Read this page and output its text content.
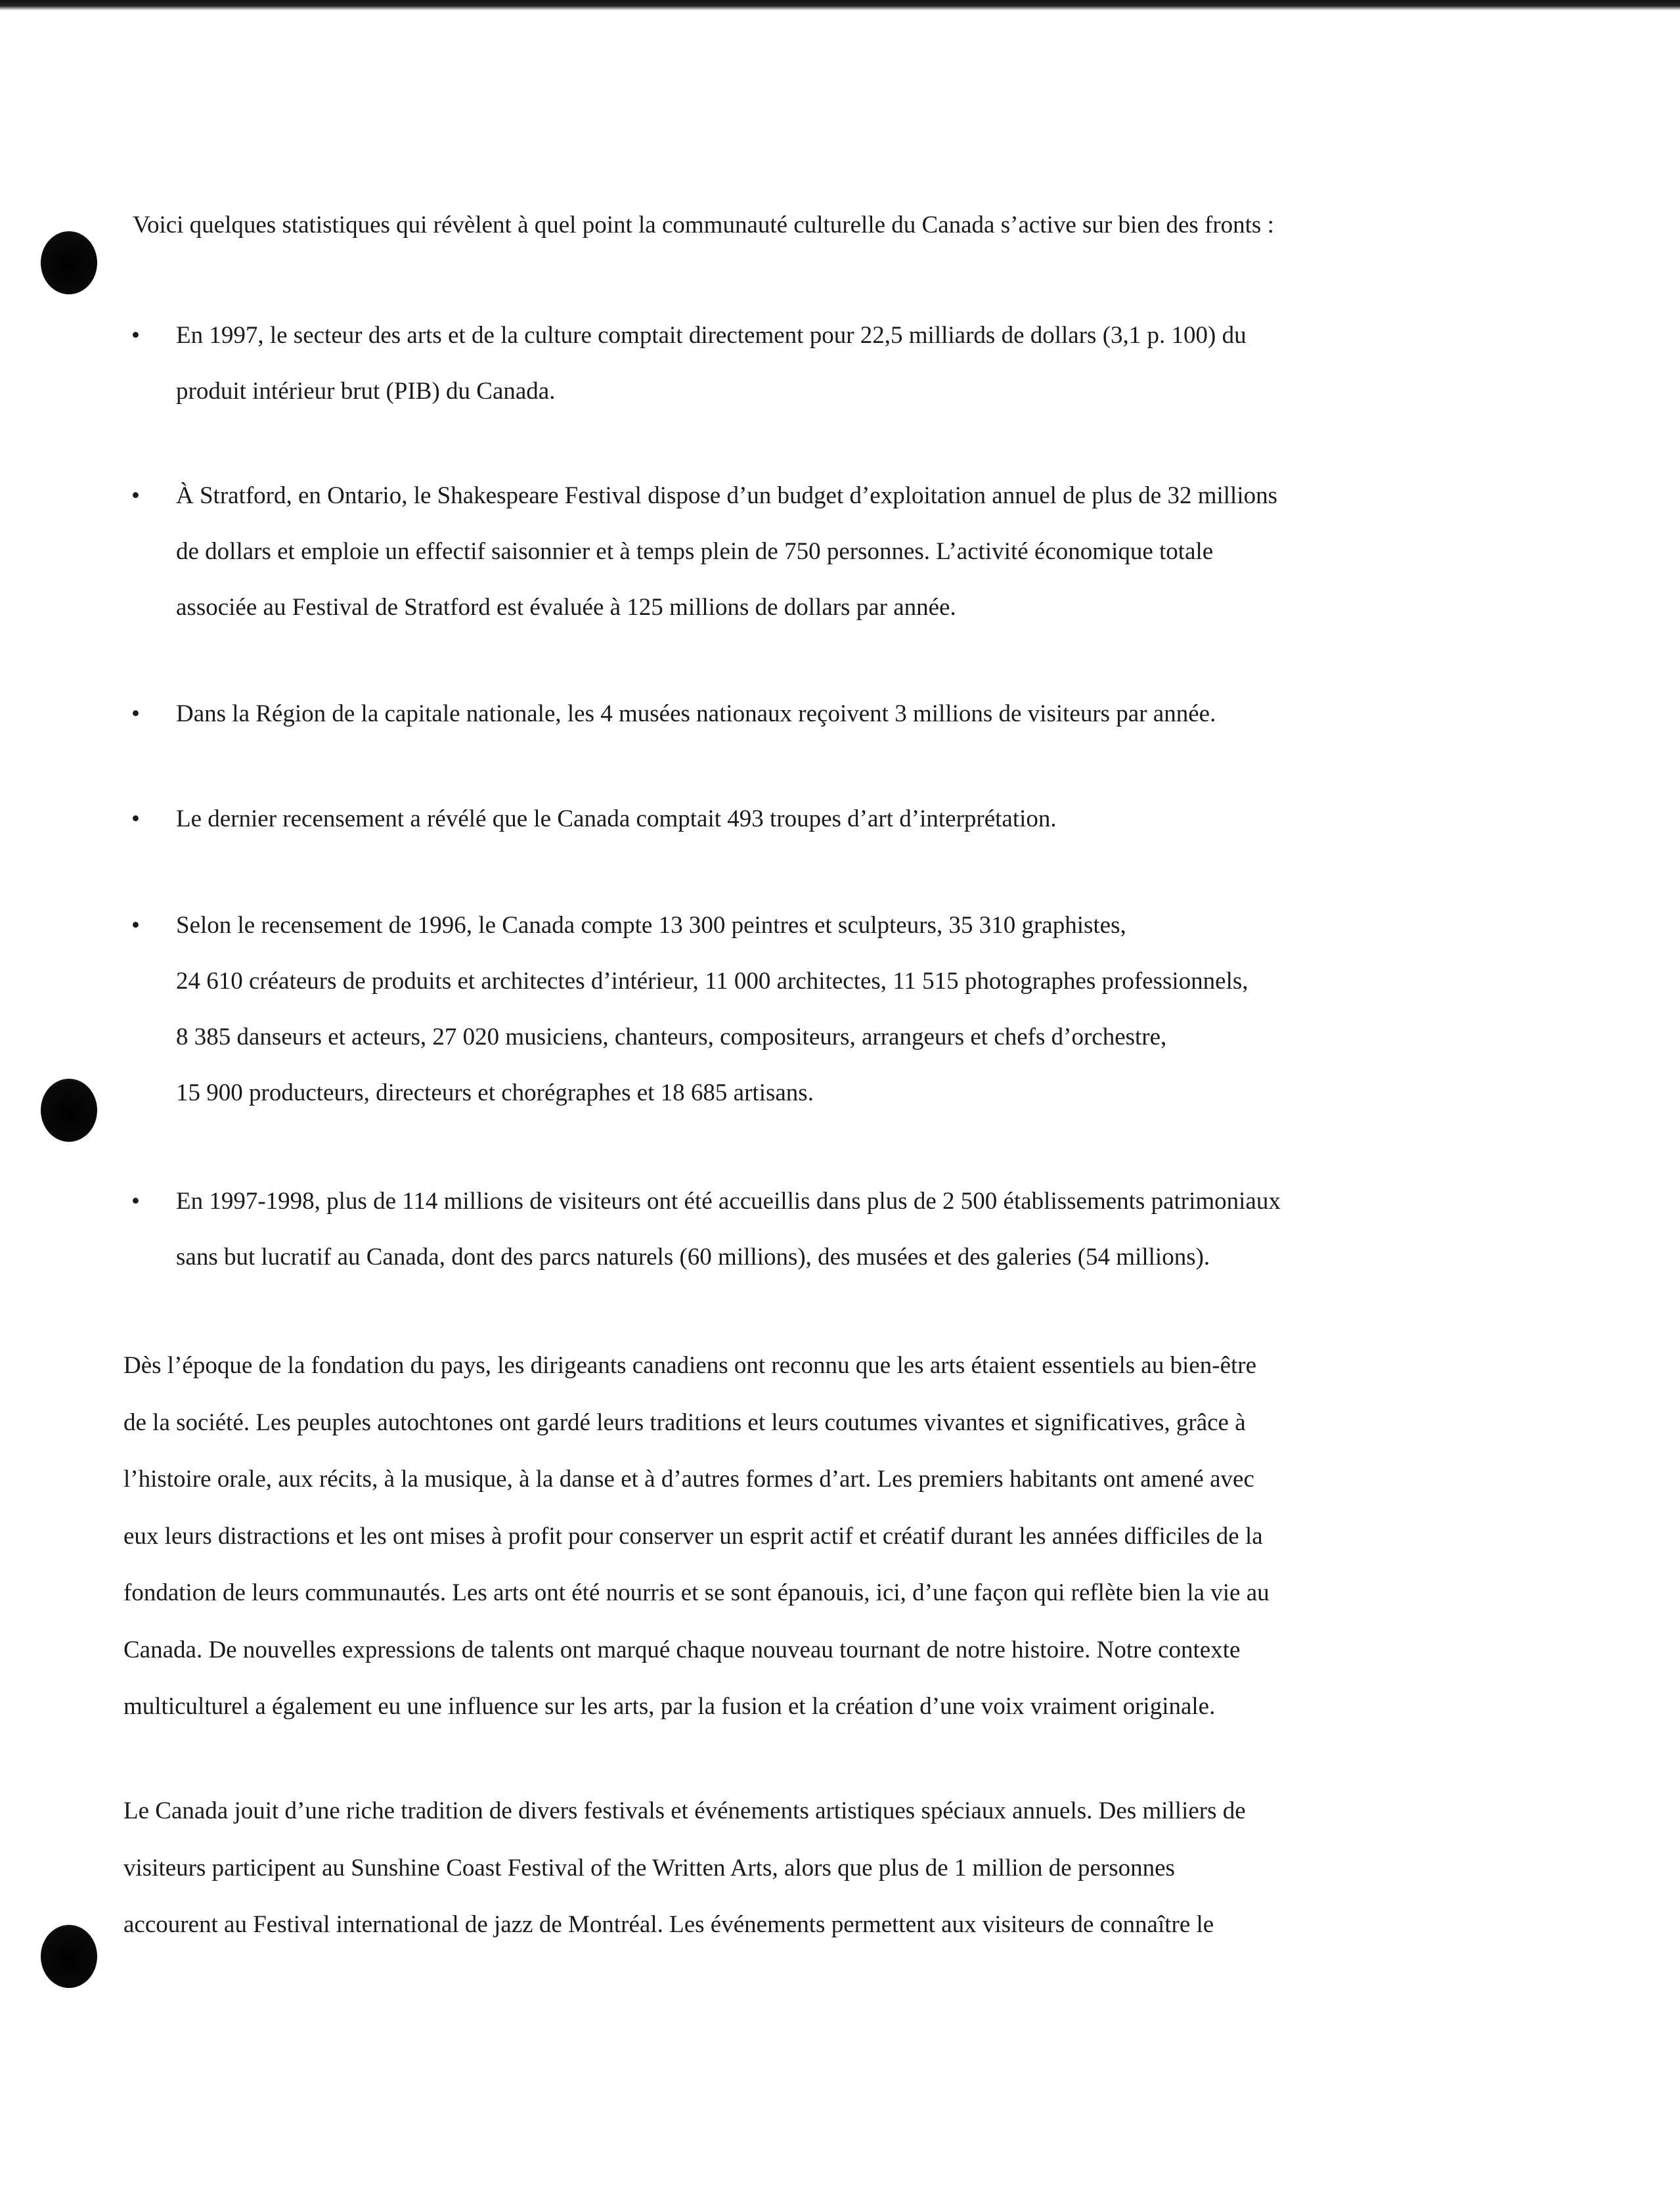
Voici quelques statistiques qui révèlent à quel point la communauté culturelle du Canada s’active sur bien des fronts :

•	En 1997, le secteur des arts et de la culture comptait directement pour 22,5 milliards de dollars (3,1 p. 100) du
produit intérieur brut (PIB) du Canada.
•	À Stratford, en Ontario, le Shakespeare Festival dispose d’un budget d’exploitation annuel de plus de 32 millions
de dollars et emploie un effectif saisonnier et à temps plein de 750 personnes. L’activité économique totale
associée au Festival de Stratford est évaluée à 125 millions de dollars par année.
•	Dans la Région de la capitale nationale, les 4 musées nationaux reçoivent 3 millions de visiteurs par année.
•	Le dernier recensement a révélé que le Canada comptait 493 troupes d’art d’interprétation.
•	Selon le recensement de 1996, le Canada compte 13 300 peintres et sculpteurs, 35 310 graphistes,
24 610 créateurs de produits et architectes d’intérieur, 11 000 architectes, 11 515 photographes professionnels,
8 385 danseurs et acteurs, 27 020 musiciens, chanteurs, compositeurs, arrangeurs et chefs d’orchestre,
15 900 producteurs, directeurs et chorégraphes et 18 685 artisans.
•	En 1997-1998, plus de 114 millions de visiteurs ont été accueillis dans plus de 2 500 établissements patrimoniaux
sans but lucratif au Canada, dont des parcs naturels (60 millions), des musées et des galeries (54 millions).

Dès l’époque de la fondation du pays, les dirigeants canadiens ont reconnu que les arts étaient essentiels au bien-être
de la société. Les peuples autochtones ont gardé leurs traditions et leurs coutumes vivantes et significatives, grâce à
l’histoire orale, aux récits, à la musique, à la danse et à d’autres formes d’art. Les premiers habitants ont amené avec
eux leurs distractions et les ont mises à profit pour conserver un esprit actif et créatif durant les années difficiles de la
fondation de leurs communautés. Les arts ont été nourris et se sont épanouis, ici, d’une façon qui reflète bien la vie au
Canada. De nouvelles expressions de talents ont marqué chaque nouveau tournant de notre histoire. Notre contexte
multiculturel a également eu une influence sur les arts, par la fusion et la création d’une voix vraiment originale.

Le Canada jouit d’une riche tradition de divers festivals et événements artistiques spéciaux annuels. Des milliers de
visiteurs participent au Sunshine Coast Festival of the Written Arts, alors que plus de 1 million de personnes
accourent au Festival international de jazz de Montréal. Les événements permettent aux visiteurs de connaître le
